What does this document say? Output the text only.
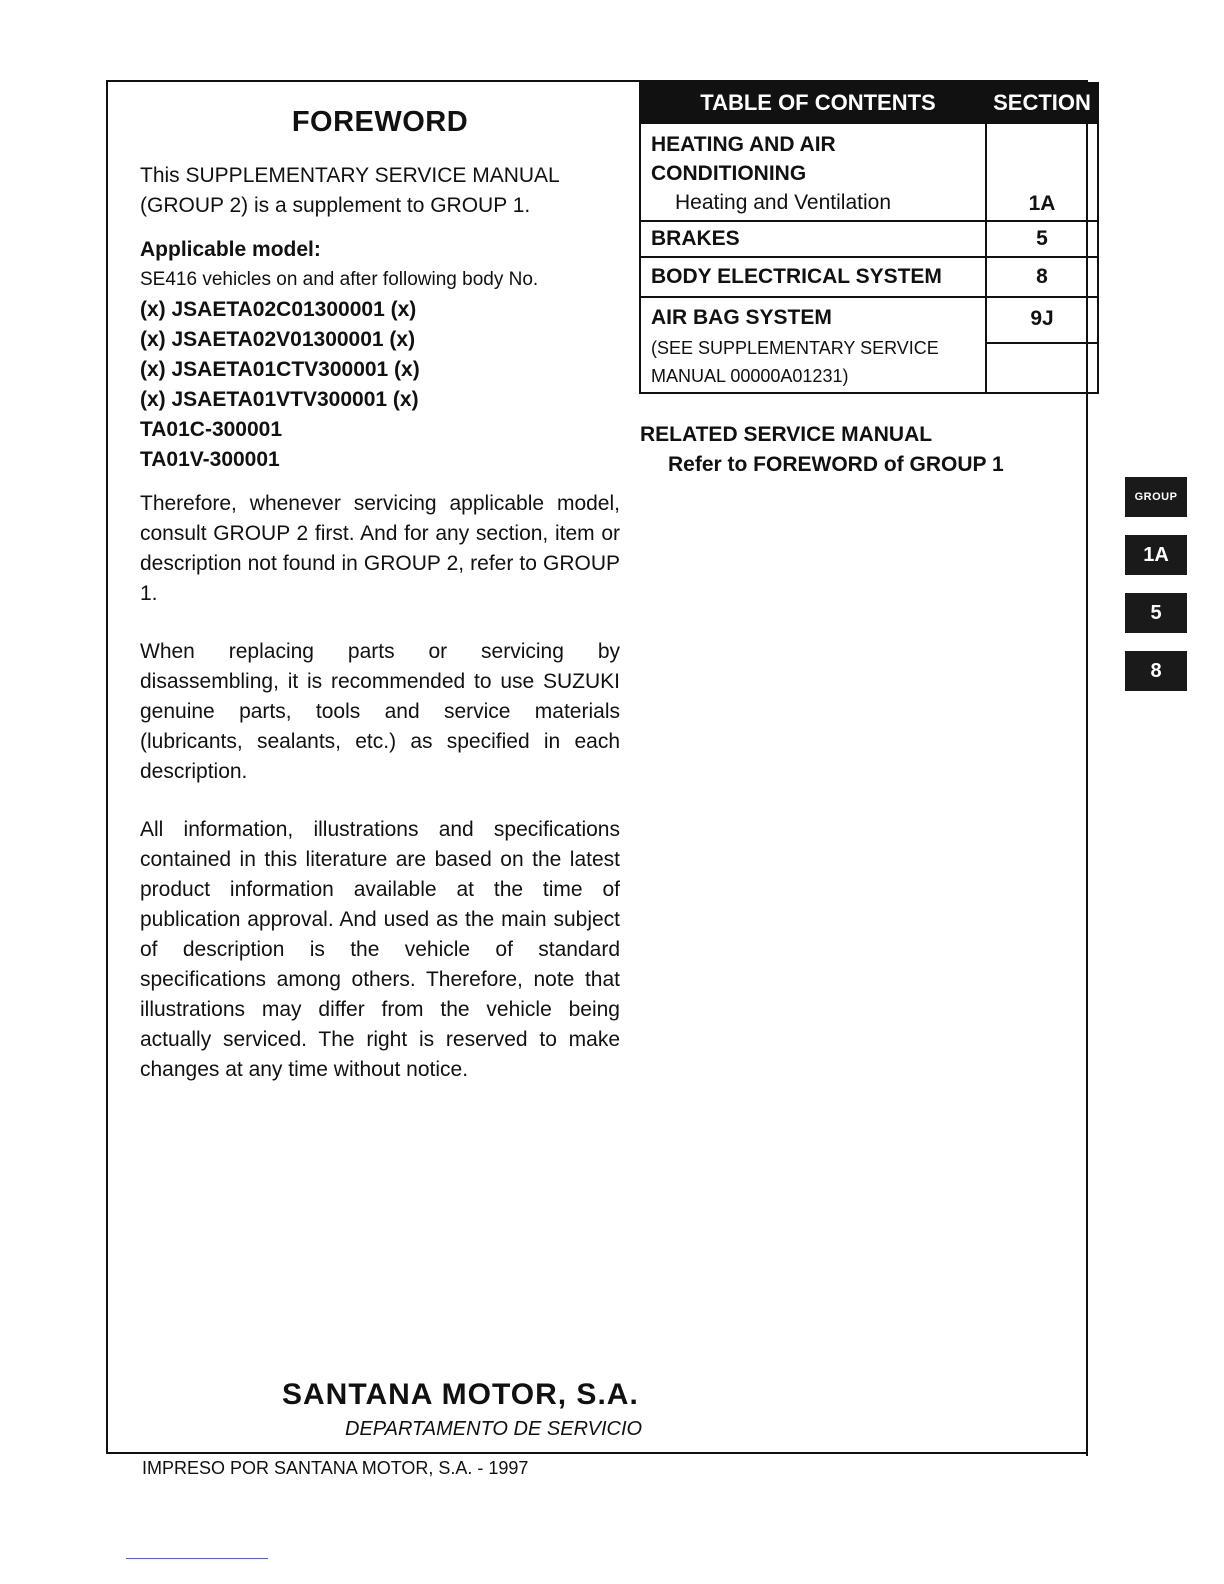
FOREWORD

This SUPPLEMENTARY SERVICE MANUAL

(GROUP 2) is a supplement to GROUP 1.

Applicable model:

SE416 vehicles on and after following body No.

(x) JSAETA02C01300001 (x)

(x) JSAETA02V01300001 (x)

(x) JSAETA01CTV300001 (x)

(x) JSAETA01VTV300001 (x)

TA01C-300001

TA01V-300001

Therefore, whenever servicing applicable model, consult GROUP 2 first. And for any section, item or description not found in GROUP 2, refer to GROUP 1.

When replacing parts or servicing by disassembling, it is recommended to use SUZUKI genuine parts, tools and service materials (lubricants, sealants, etc.) as specified in each description.

All information, illustrations and specifications contained in this literature are based on the latest product information available at the time of publication approval. And used as the main subject of description is the vehicle of standard specifications among others. Therefore, note that illustrations may differ from the vehicle being actually serviced. The right is reserved to make changes at any time without notice.

TABLE OF CONTENTS	SECTION

HEATING AND AIR
CONDITIONING
Heating and Ventilation	1A
BRAKES	5
BODY ELECTRICAL SYSTEM	8

AIR BAG SYSTEM
(SEE SUPPLEMENTARY SERVICE
MANUAL 00000A01231)	9J
RELATED SERVICE MANUAL
Refer to FOREWORD of GROUP 1
GROUP
1A
5
8
SANTANA MOTOR, S.A.
DEPARTAMENTO DE SERVICIO
IMPRESO POR SANTANA MOTOR, S.A. - 1997
